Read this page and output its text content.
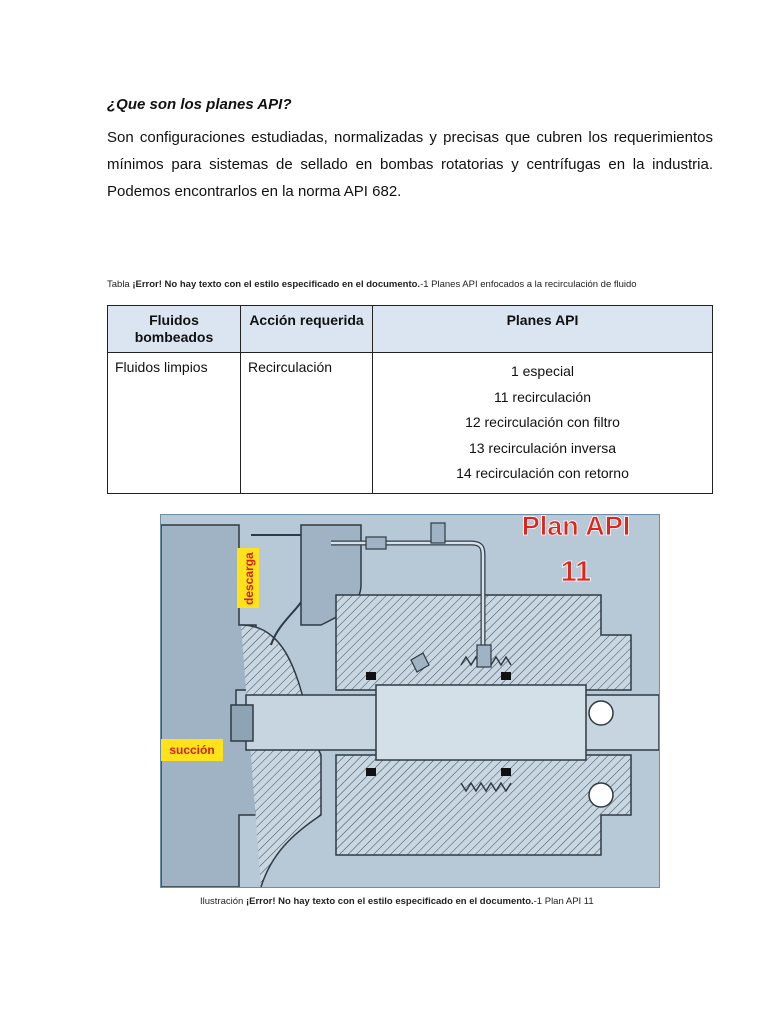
¿Que son los planes API?
Son configuraciones estudiadas, normalizadas y precisas que cubren los requerimientos mínimos para sistemas de sellado en bombas rotatorias y centrífugas en la industria. Podemos encontrarlos en la norma API 682.
Tabla ¡Error! No hay texto con el estilo especificado en el documento.-1 Planes API enfocados a la recirculación de fluido
Fluidos bombeados	Acción requerida	Planes API
Fluidos limpios	Recirculación	1 especial
11 recirculación
12 recirculación con filtro
13 recirculación inversa
14 recirculación con retorno
Plan API
11
descarga
succión
Ilustración ¡Error! No hay texto con el estilo especificado en el documento.-1 Plan API 11
